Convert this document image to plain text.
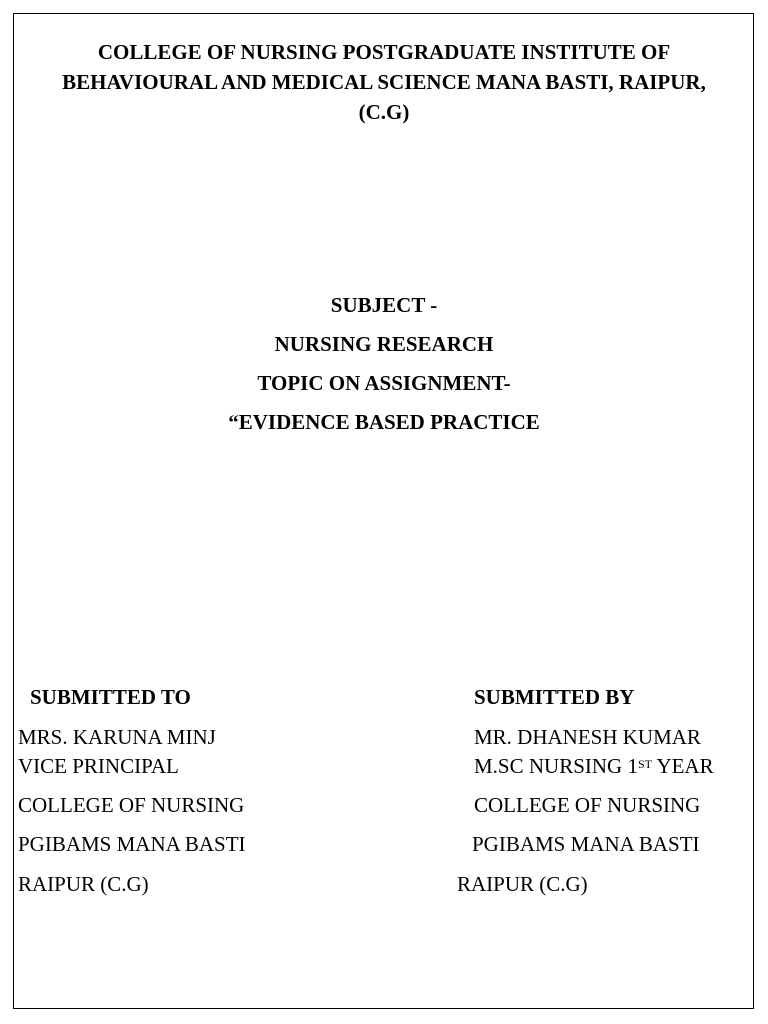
COLLEGE OF NURSING POSTGRADUATE INSTITUTE OF
BEHAVIOURAL AND MEDICAL SCIENCE MANA BASTI, RAIPUR,
(C.G)
SUBJECT -
NURSING RESEARCH
TOPIC ON ASSIGNMENT-
“EVIDENCE BASED PRACTICE
SUBMITTED TO
MRS. KARUNA MINJ
VICE PRINCIPAL
COLLEGE OF NURSING
PGIBAMS MANA BASTI
RAIPUR (C.G)
SUBMITTED BY
MR. DHANESH KUMAR
M.SC NURSING 1ST YEAR
COLLEGE OF NURSING
PGIBAMS MANA BASTI
RAIPUR (C.G)
